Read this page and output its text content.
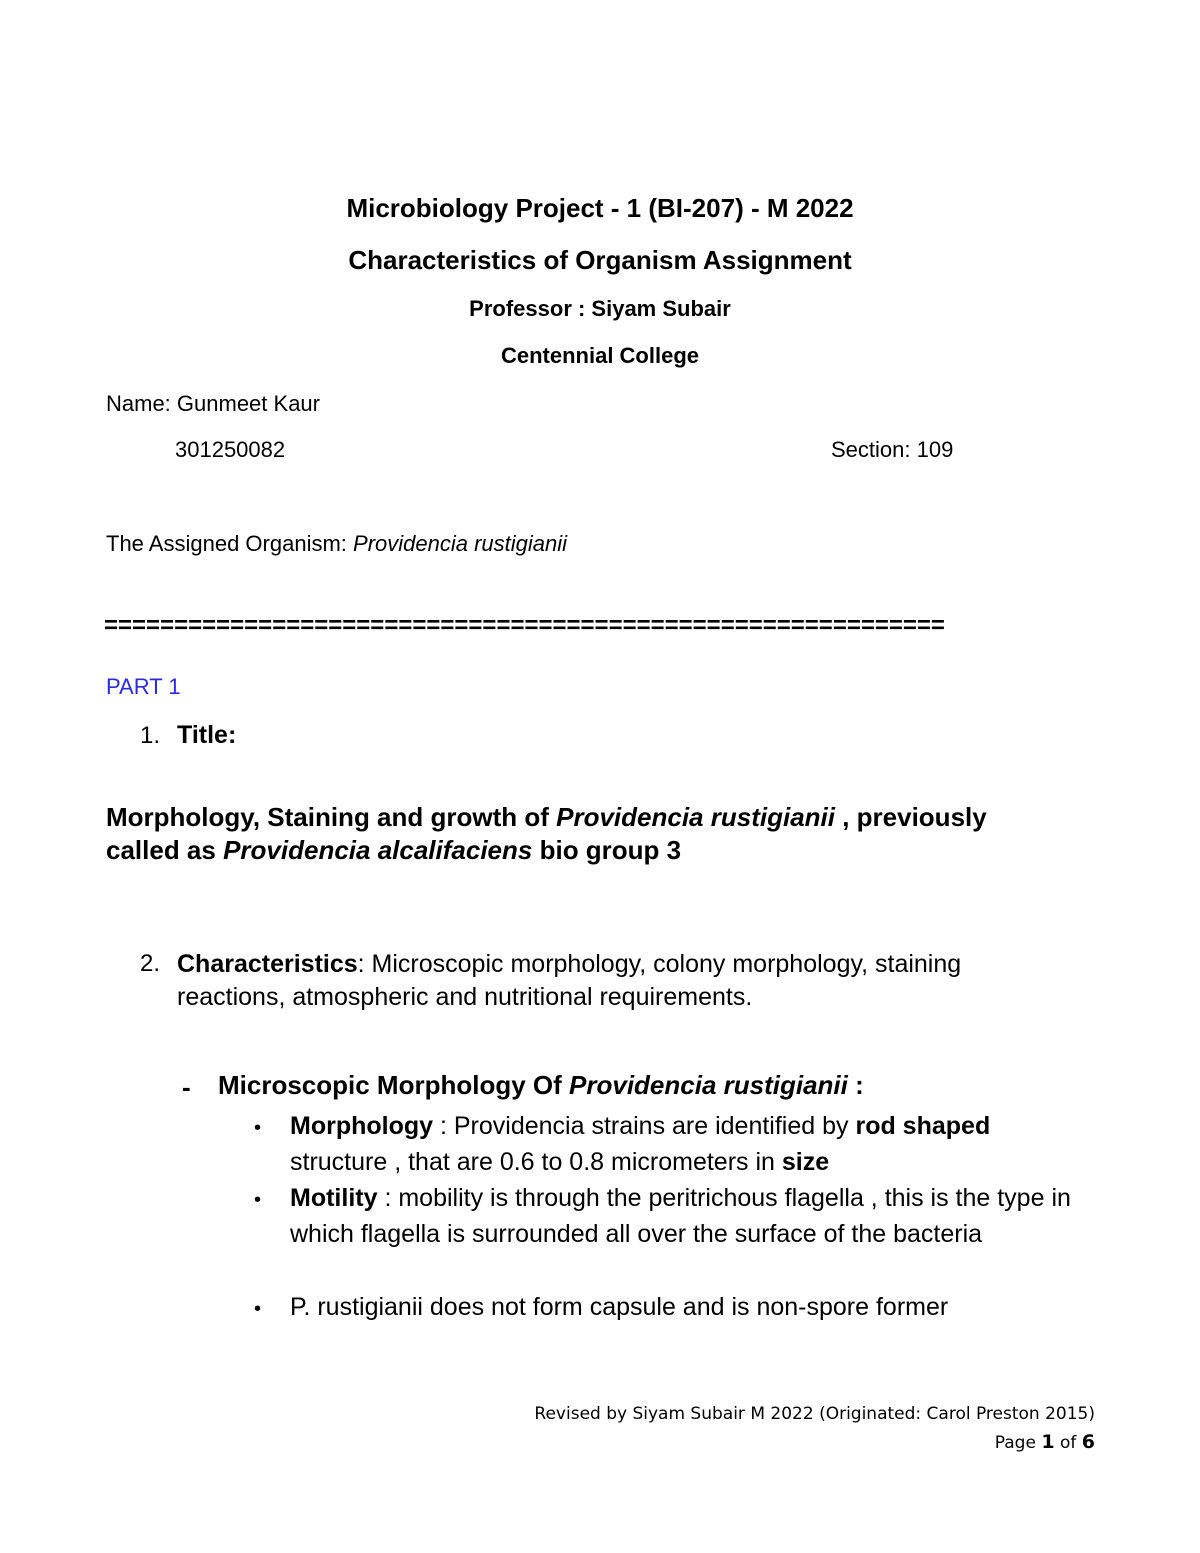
Microbiology Project - 1 (BI-207) - M 2022
Characteristics of Organism Assignment
Professor : Siyam Subair
Centennial College
Name: Gunmeet Kaur
301250082	Section: 109
The Assigned Organism: Providencia rustigianii
============================================================
PART 1
1. Title:
Morphology, Staining and growth of Providencia rustigianii , previously called as Providencia alcalifaciens bio group 3
2. Characteristics: Microscopic morphology, colony morphology, staining reactions, atmospheric and nutritional requirements.
- Microscopic Morphology Of Providencia rustigianii :
• Morphology : Providencia strains are identified by rod shaped structure , that are 0.6 to 0.8 micrometers in size
• Motility : mobility is through the peritrichous flagella , this is the type in which flagella is surrounded all over the surface of the bacteria
• P. rustigianii does not form capsule and is non-spore former
Revised by Siyam Subair M 2022 (Originated: Carol Preston 2015)
Page 1 of 6
